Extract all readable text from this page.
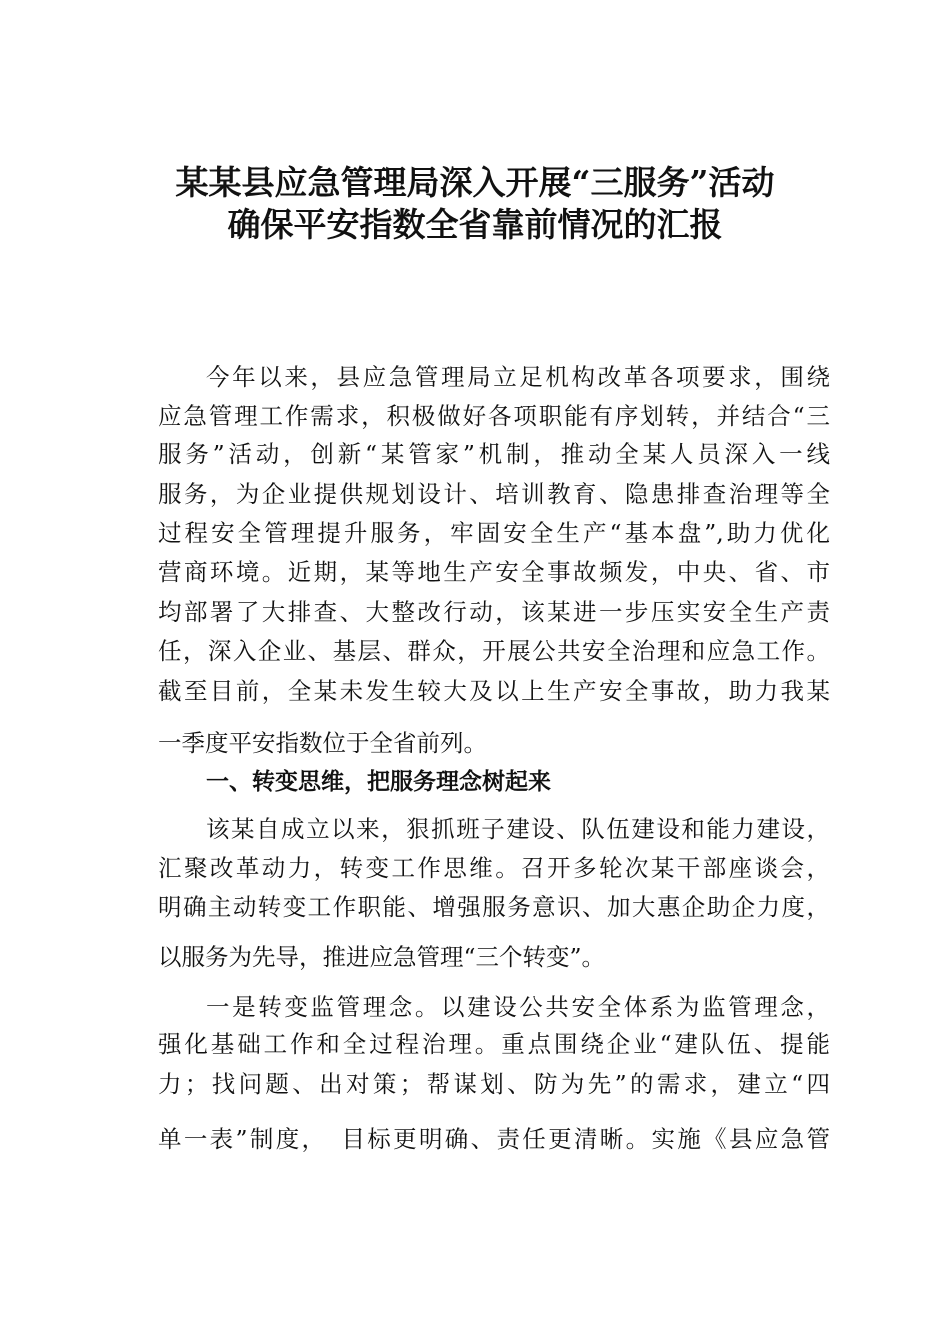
某某县应急管理局深入开展“三服务”活动
确保平安指数全省靠前情况的汇报
今年以来，县应急管理局立足机构改革各项要求，围绕
应急管理工作需求，积极做好各项职能有序划转，并结合“三
服务”活动，创新“某管家”机制，推动全某人员深入一线
服务，为企业提供规划设计、培训教育、隐患排查治理等全
过程安全管理提升服务，牢固安全生产“基本盘”,助力优化
营商环境。近期，某等地生产安全事故频发，中央、省、市
均部署了大排查、大整改行动，该某进一步压实安全生产责
任，深入企业、基层、群众，开展公共安全治理和应急工作。
截至目前，全某未发生较大及以上生产安全事故，助力我某
一季度平安指数位于全省前列。
一、转变思维，把服务理念树起来
该某自成立以来，狠抓班子建设、队伍建设和能力建设，
汇聚改革动力，转变工作思维。召开多轮次某干部座谈会，
明确主动转变工作职能、增强服务意识、加大惠企助企力度，
以服务为先导，推进应急管理“三个转变”。
一是转变监管理念。以建设公共安全体系为监管理念，
强化基础工作和全过程治理。重点围绕企业“建队伍、提能
力；找问题、出对策；帮谋划、防为先”的需求，建立“四
单一表”制度，　目标更明确、责任更清晰。实施《县应急管
